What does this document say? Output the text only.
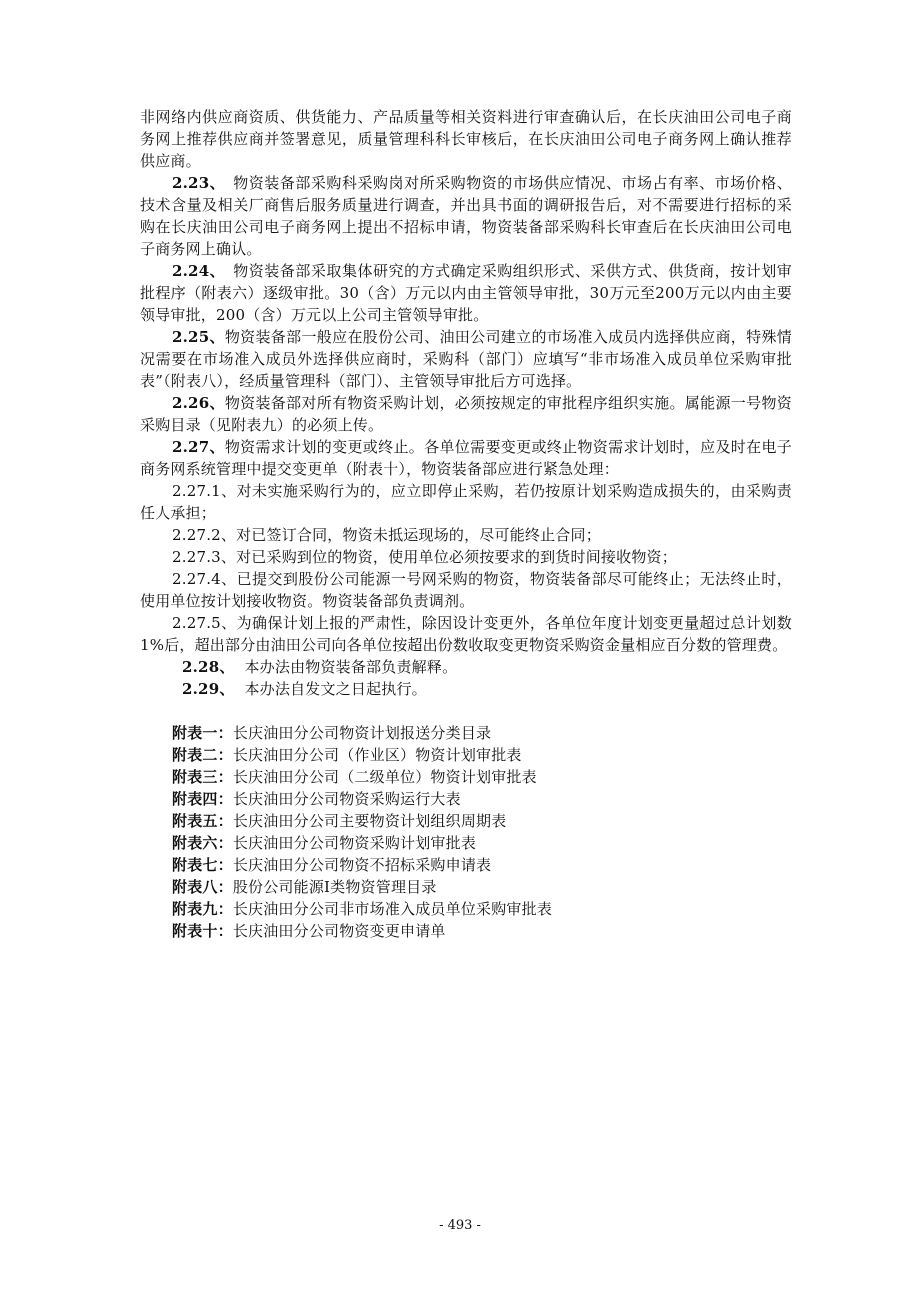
非网络内供应商资质、供货能力、产品质量等相关资料进行审查确认后，在长庆油田公司电子商务网上推荐供应商并签署意见，质量管理科科长审核后，在长庆油田公司电子商务网上确认推荐供应商。

2.23、　物资装备部采购科采购岗对所采购物资的市场供应情况、市场占有率、市场价格、技术含量及相关厂商售后服务质量进行调查，并出具书面的调研报告后，对不需要进行招标的采购在长庆油田公司电子商务网上提出不招标申请，物资装备部采购科长审查后在长庆油田公司电子商务网上确认。

2.24、　物资装备部采取集体研究的方式确定采购组织形式、采供方式、供货商，按计划审批程序（附表六）逐级审批。30（含）万元以内由主管领导审批，30万元至200万元以内由主要领导审批，200（含）万元以上公司主管领导审批。

2.25、物资装备部一般应在股份公司、油田公司建立的市场准入成员内选择供应商，特殊情况需要在市场准入成员外选择供应商时，采购科（部门）应填写“非市场准入成员单位采购审批表”（附表八），经质量管理科（部门）、主管领导审批后方可选择。

2.26、物资装备部对所有物资采购计划，必须按规定的审批程序组织实施。属能源一号物资采购目录（见附表九）的必须上传。

2.27、物资需求计划的变更或终止。各单位需要变更或终止物资需求计划时，应及时在电子商务网系统管理中提交变更单（附表十），物资装备部应进行紧急处理：

2.27.1、对未实施采购行为的，应立即停止采购，若仍按原计划采购造成损失的，由采购责任人承担；

2.27.2、对已签订合同，物资未抵运现场的，尽可能终止合同；

2.27.3、对已采购到位的物资，使用单位必须按要求的到货时间接收物资；

2.27.4、已提交到股份公司能源一号网采购的物资，物资装备部尽可能终止；无法终止时，使用单位按计划接收物资。物资装备部负责调剂。

2.27.5、为确保计划上报的严肃性，除因设计变更外，各单位年度计划变更量超过总计划数1%后，超出部分由油田公司向各单位按超出份数收取变更物资采购资金量相应百分数的管理费。

2.28、 本办法由物资装备部负责解释。

2.29、 本办法自发文之日起执行。

附表一：长庆油田分公司物资计划报送分类目录
附表二：长庆油田分公司（作业区）物资计划审批表
附表三：长庆油田分公司（二级单位）物资计划审批表
附表四：长庆油田分公司物资采购运行大表
附表五：长庆油田分公司主要物资计划组织周期表
附表六：长庆油田分公司物资采购计划审批表
附表七：长庆油田分公司物资不招标采购申请表
附表八：股份公司能源Ⅰ类物资管理目录
附表九：长庆油田分公司非市场准入成员单位采购审批表
附表十：长庆油田分公司物资变更申请单
- 493 -
